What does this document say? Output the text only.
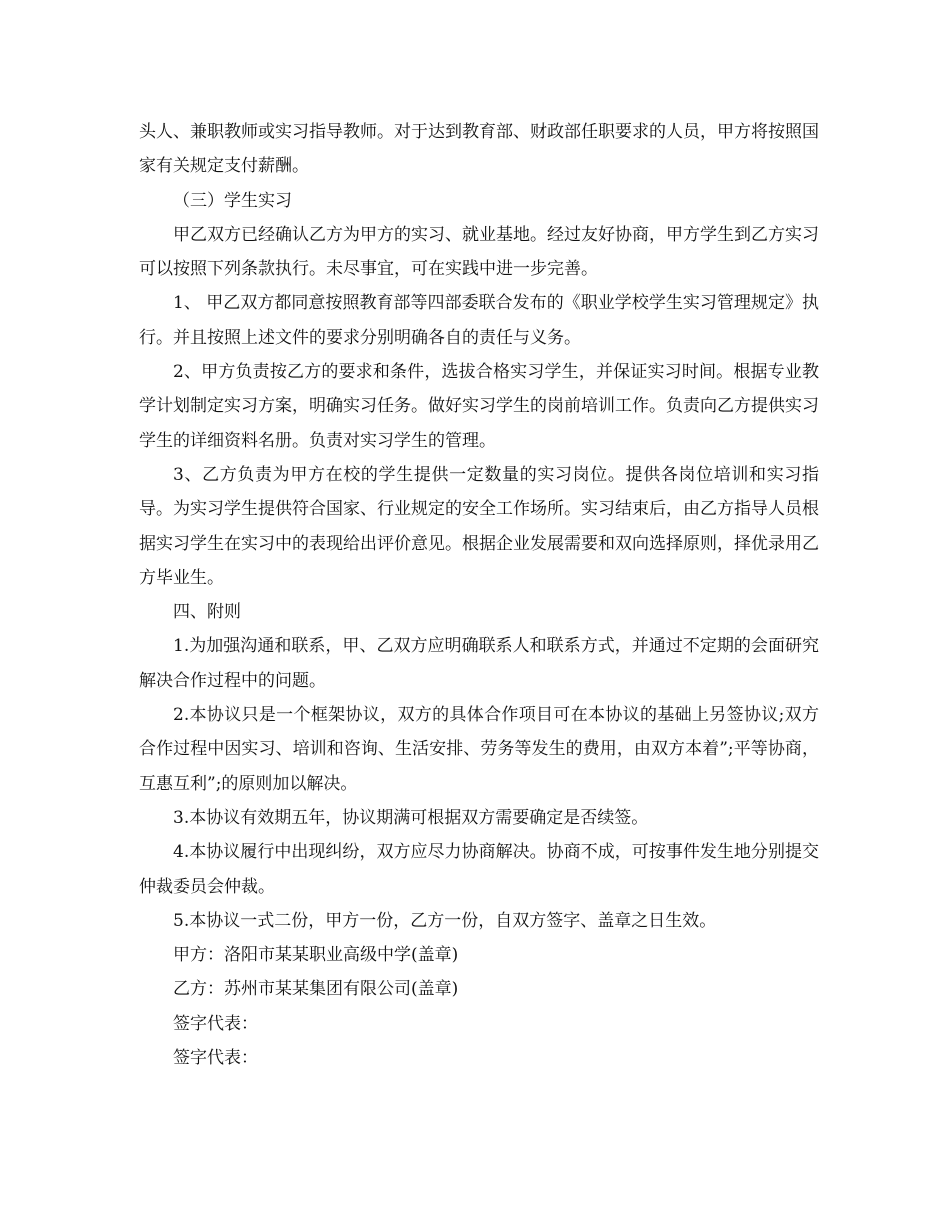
头人、兼职教师或实习指导教师。对于达到教育部、财政部任职要求的人员，甲方将按照国家有关规定支付薪酬。

（三）学生实习

甲乙双方已经确认乙方为甲方的实习、就业基地。经过友好协商，甲方学生到乙方实习可以按照下列条款执行。未尽事宜，可在实践中进一步完善。

1、 甲乙双方都同意按照教育部等四部委联合发布的《职业学校学生实习管理规定》执行。并且按照上述文件的要求分别明确各自的责任与义务。

2、甲方负责按乙方的要求和条件，选拔合格实习学生，并保证实习时间。根据专业教学计划制定实习方案，明确实习任务。做好实习学生的岗前培训工作。负责向乙方提供实习学生的详细资料名册。负责对实习学生的管理。

3、乙方负责为甲方在校的学生提供一定数量的实习岗位。提供各岗位培训和实习指导。为实习学生提供符合国家、行业规定的安全工作场所。实习结束后，由乙方指导人员根据实习学生在实习中的表现给出评价意见。根据企业发展需要和双向选择原则，择优录用乙方毕业生。

四、附则

1.为加强沟通和联系，甲、乙双方应明确联系人和联系方式，并通过不定期的会面研究解决合作过程中的问题。

2.本协议只是一个框架协议，双方的具体合作项目可在本协议的基础上另签协议;双方合作过程中因实习、培训和咨询、生活安排、劳务等发生的费用，由双方本着”;平等协商，互惠互利”;的原则加以解决。

3.本协议有效期五年，协议期满可根据双方需要确定是否续签。

4.本协议履行中出现纠纷，双方应尽力协商解决。协商不成，可按事件发生地分别提交仲裁委员会仲裁。

5.本协议一式二份，甲方一份，乙方一份，自双方签字、盖章之日生效。

甲方：洛阳市某某职业高级中学(盖章)

乙方：苏州市某某集团有限公司(盖章)

签字代表：

签字代表：
